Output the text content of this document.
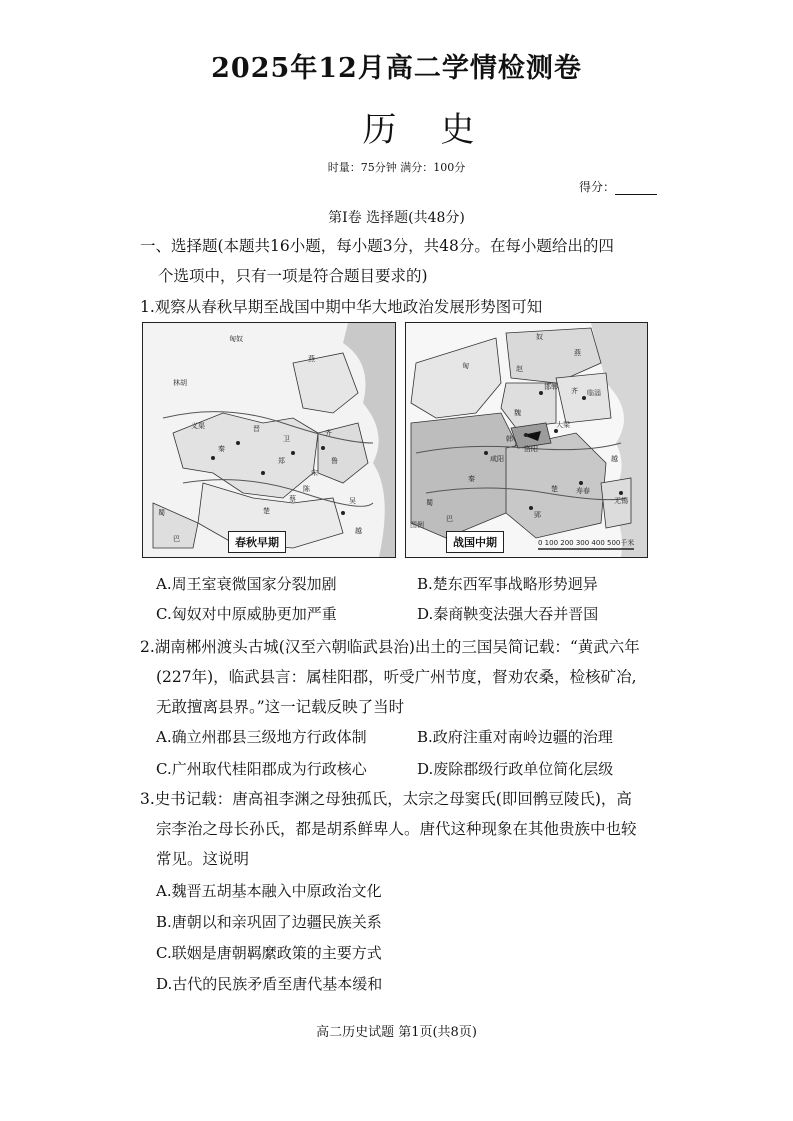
2025年12月高二学情检测卷
历史
时量：75分钟 满分：100分
得分：
第Ⅰ卷 选择题(共48分)
一、选择题(本题共16小题，每小题3分，共48分。在每小题给出的四
个选项中，只有一项是符合题目要求的)
1.观察从春秋早期至战国中期中华大地政治发展形势图可知
匈奴
燕
林胡
晋
秦
齐
鲁
宋
楚
巴
蜀
越
吴
郑
卫
义渠
陈
蔡
春秋早期
奴
燕
匈	赵
齐
魏
韩
秦
楚
越
洛阳
大梁
临淄
邯郸
咸阳
郢
寿春
无锡
蜀
巴
图例
0 100 200 300 400 500千米
战国中期
A.周王室衰微国家分裂加剧	B.楚东西军事战略形势迥异
C.匈奴对中原威胁更加严重	D.秦商鞅变法强大吞并晋国
2.湖南郴州渡头古城(汉至六朝临武县治)出土的三国吴简记载：“黄武六年
(227年)，临武县言：属桂阳郡，听受广州节度，督劝农桑，检核矿冶,
无敢擅离县界。”这一记载反映了当时
A.确立州郡县三级地方行政体制	B.政府注重对南岭边疆的治理
C.广州取代桂阳郡成为行政核心	D.废除郡级行政单位简化层级
3.史书记载：唐高祖李渊之母独孤氏，太宗之母窦氏(即回鹘豆陵氏)，高
宗李治之母长孙氏，都是胡系鲜卑人。唐代这种现象在其他贵族中也较
常见。这说明
A.魏晋五胡基本融入中原政治文化
B.唐朝以和亲巩固了边疆民族关系
C.联姻是唐朝羁縻政策的主要方式
D.古代的民族矛盾至唐代基本缓和
高二历史试题 第1页(共8页)
